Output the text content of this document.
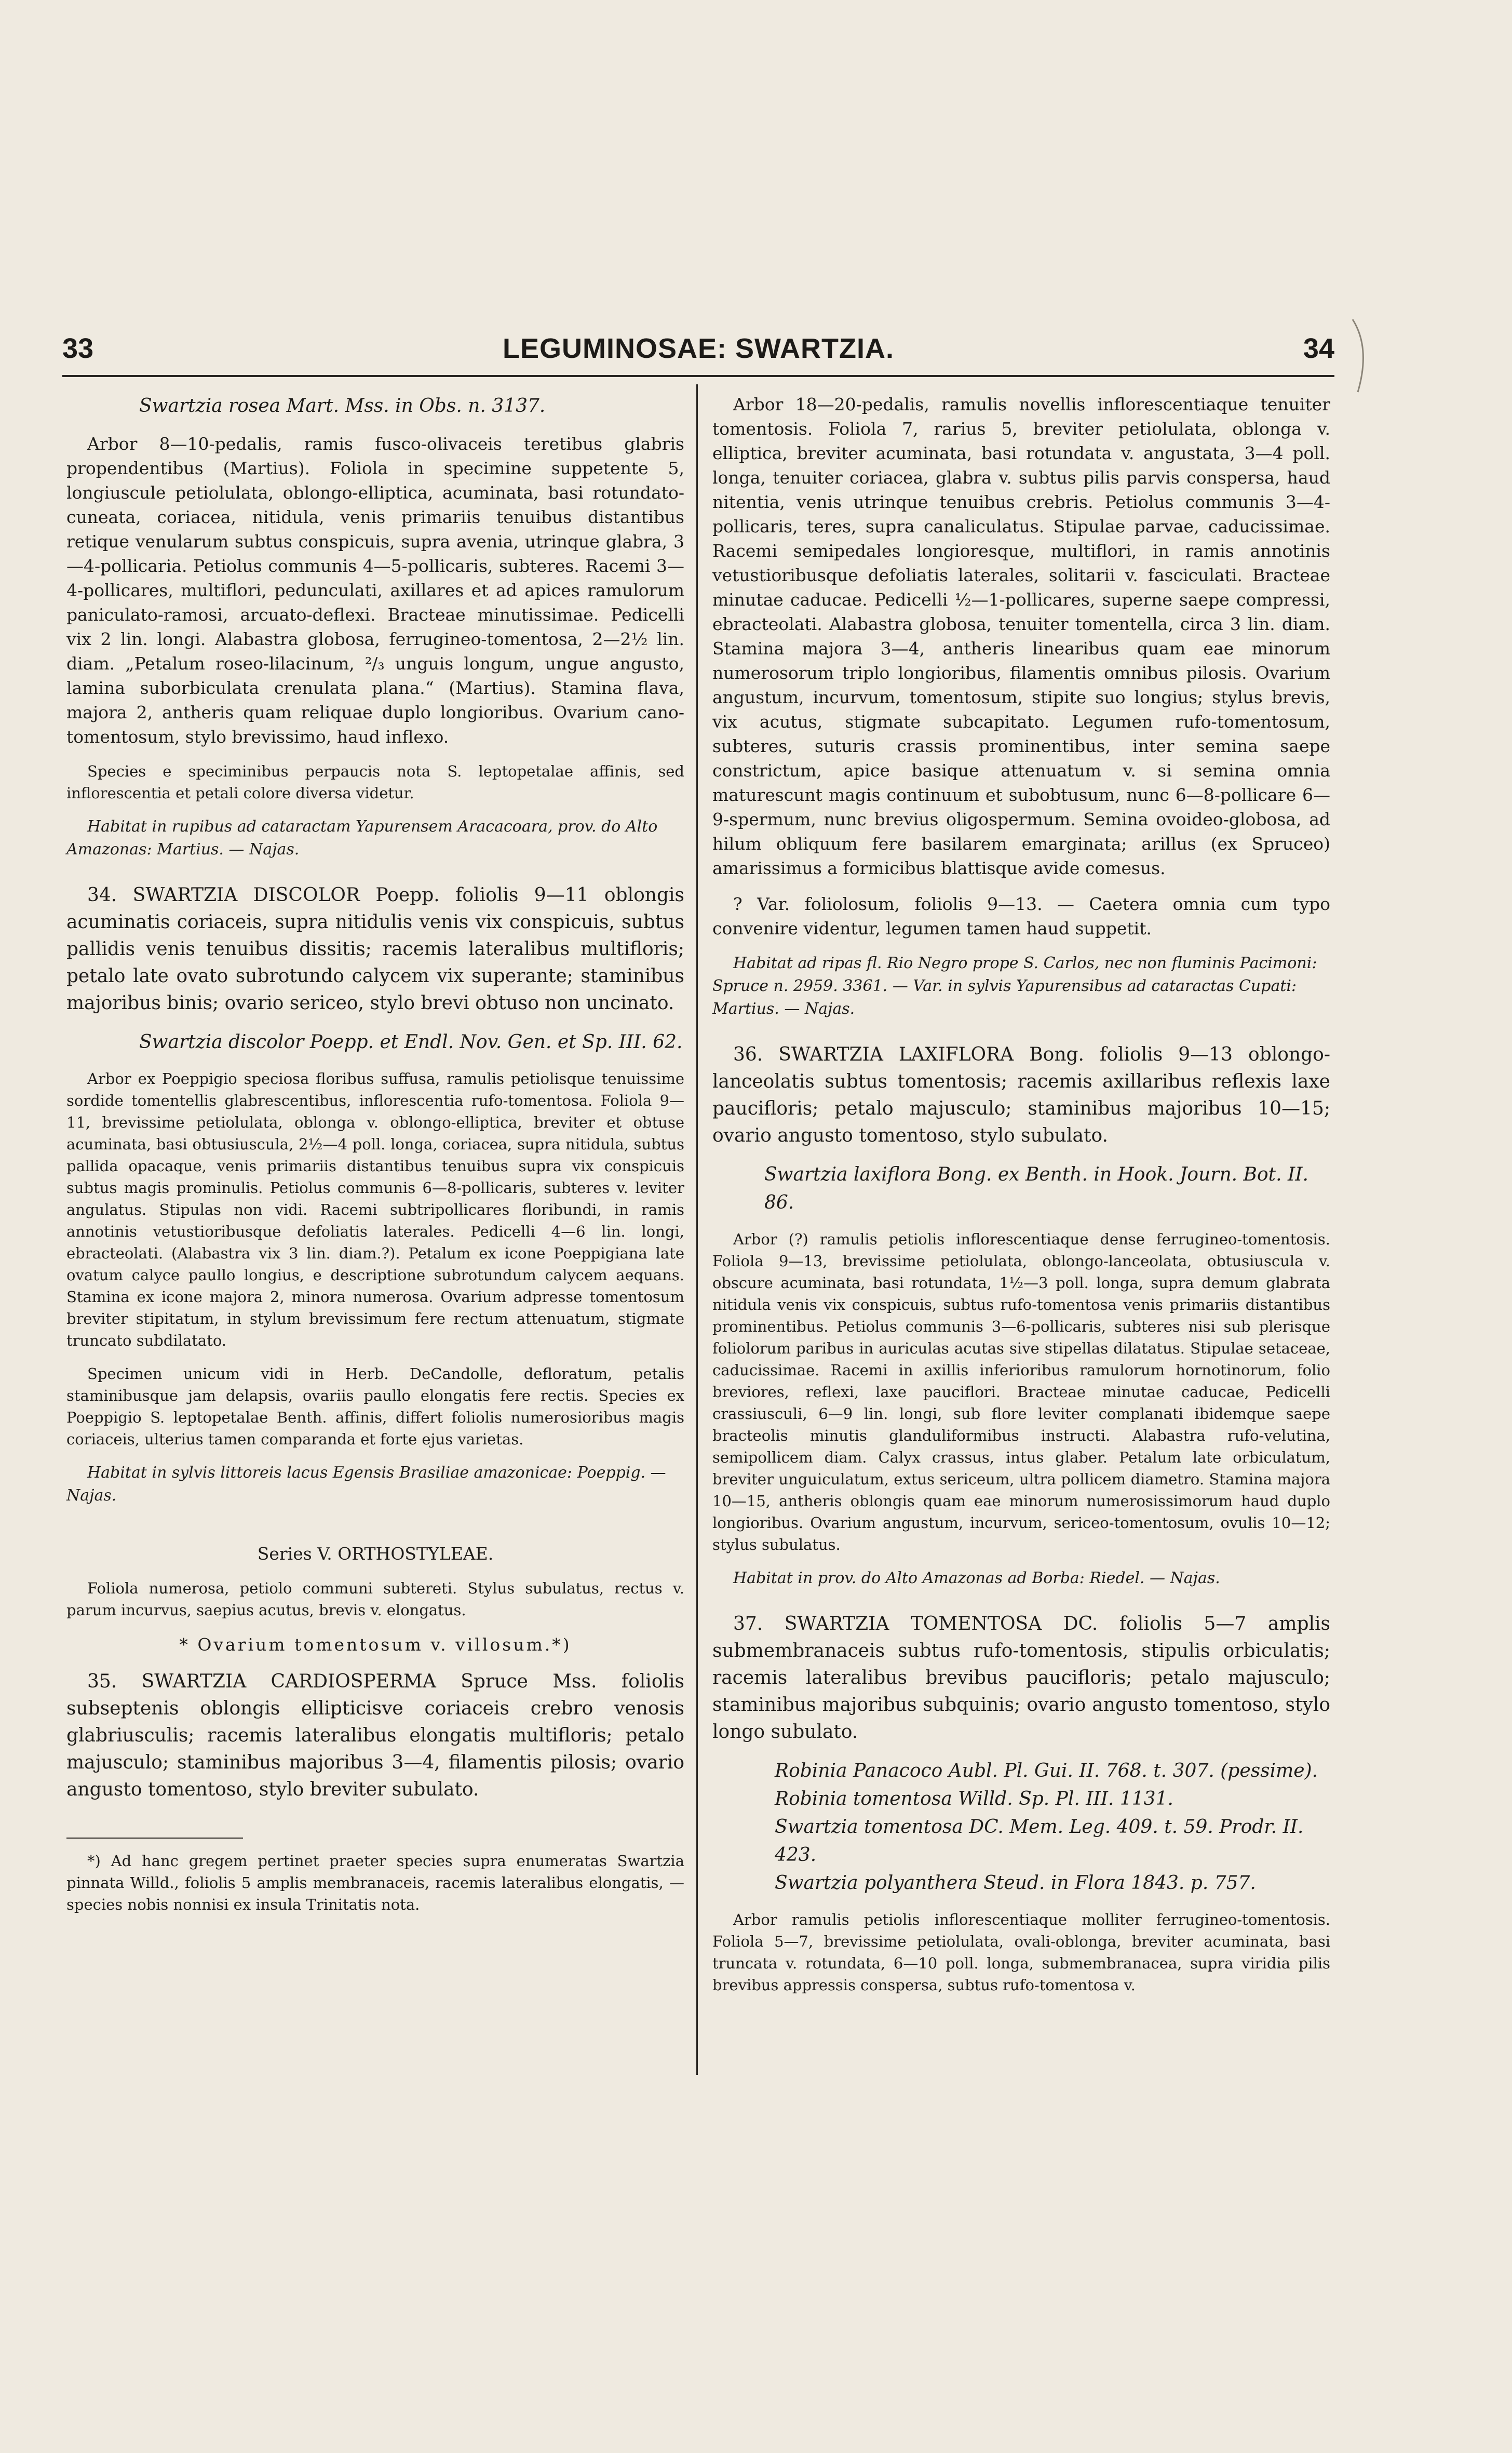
33	LEGUMINOSAE: SWARTZIA.	34

Swartzia rosea Mart. Mss. in Obs. n. 3137.

Arbor 8—10-pedalis, ramis fusco-olivaceis teretibus glabris propendentibus (Martius). Foliola in specimine suppetente 5, longiuscule petiolulata, oblongo-elliptica, acuminata, basi rotundato-cuneata, coriacea, nitidula, venis primariis tenuibus distantibus retique venularum subtus conspicuis, supra avenia, utrinque glabra, 3—4-pollicaria. Petiolus communis 4—5-pollicaris, subteres. Racemi 3—4-pollicares, multiflori, pedunculati, axillares et ad apices ramulorum paniculato-ramosi, arcuato-deflexi. Bracteae minutissimae. Pedicelli vix 2 lin. longi. Alabastra globosa, ferrugineo-tomentosa, 2—2½ lin. diam. „Petalum roseo-lilacinum, ²/₃ unguis longum, ungue angusto, lamina suborbiculata crenulata plana.“ (Martius). Stamina flava, majora 2, antheris quam reliquae duplo longioribus. Ovarium cano-tomentosum, stylo brevissimo, haud inflexo.

Species e speciminibus perpaucis nota S. leptopetalae affinis, sed inflorescentia et petali colore diversa videtur.

Habitat in rupibus ad cataractam Yapurensem Aracacoara, prov. do Alto Amazonas: Martius. — Najas.

34. SWARTZIA DISCOLOR Poepp. foliolis 9—11 oblongis acuminatis coriaceis, supra nitidulis venis vix conspicuis, subtus pallidis venis tenuibus dissitis; racemis lateralibus multifloris; petalo late ovato subrotundo calycem vix superante; staminibus majoribus binis; ovario sericeo, stylo brevi obtuso non uncinato.

Swartzia discolor Poepp. et Endl. Nov. Gen. et Sp. III. 62.

Arbor ex Poeppigio speciosa floribus suffusa, ramulis petiolisque tenuissime sordide tomentellis glabrescentibus, inflorescentia rufo-tomentosa. Foliola 9—11, brevissime petiolulata, oblonga v. oblongo-elliptica, breviter et obtuse acuminata, basi obtusiuscula, 2½—4 poll. longa, coriacea, supra nitidula, subtus pallida opacaque, venis primariis distantibus tenuibus supra vix conspicuis subtus magis prominulis. Petiolus communis 6—8-pollicaris, subteres v. leviter angulatus. Stipulas non vidi. Racemi subtripollicares floribundi, in ramis annotinis vetustioribusque defoliatis laterales. Pedicelli 4—6 lin. longi, ebracteolati. (Alabastra vix 3 lin. diam.?). Petalum ex icone Poeppigiana late ovatum calyce paullo longius, e descriptione subrotundum calycem aequans. Stamina ex icone majora 2, minora numerosa. Ovarium adpresse tomentosum breviter stipitatum, in stylum brevissimum fere rectum attenuatum, stigmate truncato subdilatato.

Specimen unicum vidi in Herb. DeCandolle, defloratum, petalis staminibusque jam delapsis, ovariis paullo elongatis fere rectis. Species ex Poeppigio S. leptopetalae Benth. affinis, differt foliolis numerosioribus magis coriaceis, ulterius tamen comparanda et forte ejus varietas.

Habitat in sylvis littoreis lacus Egensis Brasiliae amazonicae: Poeppig. — Najas.

Series V. ORTHOSTYLEAE.

Foliola numerosa, petiolo communi subtereti. Stylus subulatus, rectus v. parum incurvus, saepius acutus, brevis v. elongatus.

* Ovarium tomentosum v. villosum.*)

35. SWARTZIA CARDIOSPERMA Spruce Mss. foliolis subseptenis oblongis ellipticisve coriaceis crebro venosis glabriusculis; racemis lateralibus elongatis multifloris; petalo majusculo; staminibus majoribus 3—4, filamentis pilosis; ovario angusto tomentoso, stylo breviter subulato.

*) Ad hanc gregem pertinet praeter species supra enumeratas Swartzia pinnata Willd., foliolis 5 amplis membranaceis, racemis lateralibus elongatis, — species nobis nonnisi ex insula Trinitatis nota.

Arbor 18—20-pedalis, ramulis novellis inflorescentiaque tenuiter tomentosis. Foliola 7, rarius 5, breviter petiolulata, oblonga v. elliptica, breviter acuminata, basi rotundata v. angustata, 3—4 poll. longa, tenuiter coriacea, glabra v. subtus pilis parvis conspersa, haud nitentia, venis utrinque tenuibus crebris. Petiolus communis 3—4-pollicaris, teres, supra canaliculatus. Stipulae parvae, caducissimae. Racemi semipedales longioresque, multiflori, in ramis annotinis vetustioribusque defoliatis laterales, solitarii v. fasciculati. Bracteae minutae caducae. Pedicelli ½—1-pollicares, superne saepe compressi, ebracteolati. Alabastra globosa, tenuiter tomentella, circa 3 lin. diam. Stamina majora 3—4, antheris linearibus quam eae minorum numerosorum triplo longioribus, filamentis omnibus pilosis. Ovarium angustum, incurvum, tomentosum, stipite suo longius; stylus brevis, vix acutus, stigmate subcapitato. Legumen rufo-tomentosum, subteres, suturis crassis prominentibus, inter semina saepe constrictum, apice basique attenuatum v. si semina omnia maturescunt magis continuum et subobtusum, nunc 6—8-pollicare 6—9-spermum, nunc brevius oligospermum. Semina ovoideo-globosa, ad hilum obliquum fere basilarem emarginata; arillus (ex Spruceo) amarissimus a formicibus blattisque avide comesus.

? Var. foliolosum, foliolis 9—13. — Caetera omnia cum typo convenire videntur, legumen tamen haud suppetit.

Habitat ad ripas fl. Rio Negro prope S. Carlos, nec non fluminis Pacimoni: Spruce n. 2959. 3361. — Var. in sylvis Yapurensibus ad cataractas Cupati: Martius. — Najas.

36. SWARTZIA LAXIFLORA Bong. foliolis 9—13 oblongo-lanceolatis subtus tomentosis; racemis axillaribus reflexis laxe paucifloris; petalo majusculo; staminibus majoribus 10—15; ovario angusto tomentoso, stylo subulato.

Swartzia laxiflora Bong. ex Benth. in Hook. Journ. Bot. II. 86.

Arbor (?) ramulis petiolis inflorescentiaque dense ferrugineo-tomentosis. Foliola 9—13, brevissime petiolulata, oblongo-lanceolata, obtusiuscula v. obscure acuminata, basi rotundata, 1½—3 poll. longa, supra demum glabrata nitidula venis vix conspicuis, subtus rufo-tomentosa venis primariis distantibus prominentibus. Petiolus communis 3—6-pollicaris, subteres nisi sub plerisque foliolorum paribus in auriculas acutas sive stipellas dilatatus. Stipulae setaceae, caducissimae. Racemi in axillis inferioribus ramulorum hornotinorum, folio breviores, reflexi, laxe pauciflori. Bracteae minutae caducae, Pedicelli crassiusculi, 6—9 lin. longi, sub flore leviter complanati ibidemque saepe bracteolis minutis glanduliformibus instructi. Alabastra rufo-velutina, semipollicem diam. Calyx crassus, intus glaber. Petalum late orbiculatum, breviter unguiculatum, extus sericeum, ultra pollicem diametro. Stamina majora 10—15, antheris oblongis quam eae minorum numerosissimorum haud duplo longioribus. Ovarium angustum, incurvum, sericeo-tomentosum, ovulis 10—12; stylus subulatus.

Habitat in prov. do Alto Amazonas ad Borba: Riedel. — Najas.

37. SWARTZIA TOMENTOSA DC. foliolis 5—7 amplis submembranaceis subtus rufo-tomentosis, stipulis orbiculatis; racemis lateralibus brevibus paucifloris; petalo majusculo; staminibus majoribus subquinis; ovario angusto tomentoso, stylo longo subulato.

Robinia Panacoco Aubl. Pl. Gui. II. 768. t. 307. (pessime).

Robinia tomentosa Willd. Sp. Pl. III. 1131.

Swartzia tomentosa DC. Mem. Leg. 409. t. 59. Prodr. II. 423.

Swartzia polyanthera Steud. in Flora 1843. p. 757.

Arbor ramulis petiolis inflorescentiaque molliter ferrugineo-tomentosis. Foliola 5—7, brevissime petiolulata, ovali-oblonga, breviter acuminata, basi truncata v. rotundata, 6—10 poll. longa, submembranacea, supra viridia pilis brevibus appressis conspersa, subtus rufo-tomentosa v.
